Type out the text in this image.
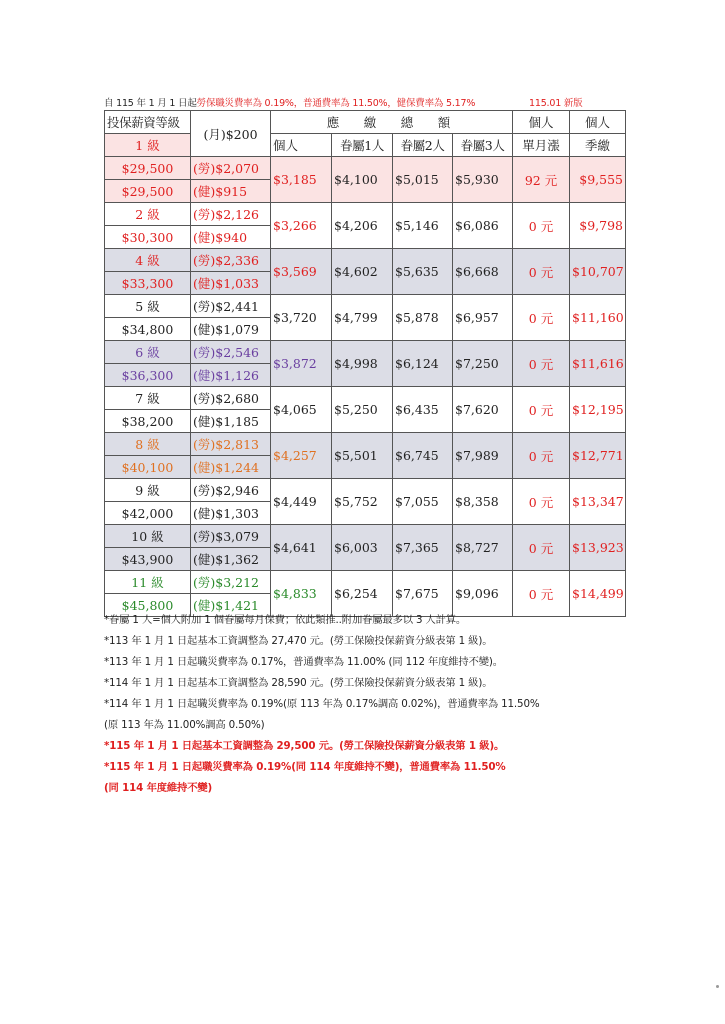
自 115 年 1 月 1 日起勞保職災費率為 0.19%，普通費率為 11.50%，健保費率為 5.17%	115.01 新版
投保薪資等級	(月)$200	應　繳　總　額				個人	個人
1 級		個人	眷屬1人	眷屬2人	眷屬3人	單月漲	季繳
$29,500	(勞)$2,070	$3,185	$4,100	$5,015	$5,930	92 元	$9,555
$29,500	(健)$915						
2 級	(勞)$2,126	$3,266	$4,206	$5,146	$6,086	0 元	$9,798
$30,300	(健)$940						
4 級	(勞)$2,336	$3,569	$4,602	$5,635	$6,668	0 元	$10,707
$33,300	(健)$1,033						
5 級	(勞)$2,441	$3,720	$4,799	$5,878	$6,957	0 元	$11,160
$34,800	(健)$1,079						
6 級	(勞)$2,546	$3,872	$4,998	$6,124	$7,250	0 元	$11,616
$36,300	(健)$1,126						
7 級	(勞)$2,680	$4,065	$5,250	$6,435	$7,620	0 元	$12,195
$38,200	(健)$1,185						
8 級	(勞)$2,813	$4,257	$5,501	$6,745	$7,989	0 元	$12,771
$40,100	(健)$1,244						
9 級	(勞)$2,946	$4,449	$5,752	$7,055	$8,358	0 元	$13,347
$42,000	(健)$1,303						
10 級	(勞)$3,079	$4,641	$6,003	$7,365	$8,727	0 元	$13,923
$43,900	(健)$1,362						
11 級	(勞)$3,212	$4,833	$6,254	$7,675	$9,096	0 元	$14,499
$45,800	(健)$1,421						
*眷屬 1 人=個人附加 1 個眷屬每月保費；依此類推..附加眷屬最多以 3 人計算。
*113 年 1 月 1 日起基本工資調整為 27,470 元。(勞工保險投保薪資分級表第 1 級)。
*113 年 1 月 1 日起職災費率為 0.17%，普通費率為 11.00% (同 112 年度維持不變)。
*114 年 1 月 1 日起基本工資調整為 28,590 元。(勞工保險投保薪資分級表第 1 級)。
*114 年 1 月 1 日起職災費率為 0.19%(原 113 年為 0.17%調高 0.02%)，普通費率為 11.50%
(原 113 年為 11.00%調高 0.50%)
*115 年 1 月 1 日起基本工資調整為 29,500 元。(勞工保險投保薪資分級表第 1 級)。
*115 年 1 月 1 日起職災費率為 0.19%(同 114 年度維持不變)，普通費率為 11.50%
(同 114 年度維持不變)
